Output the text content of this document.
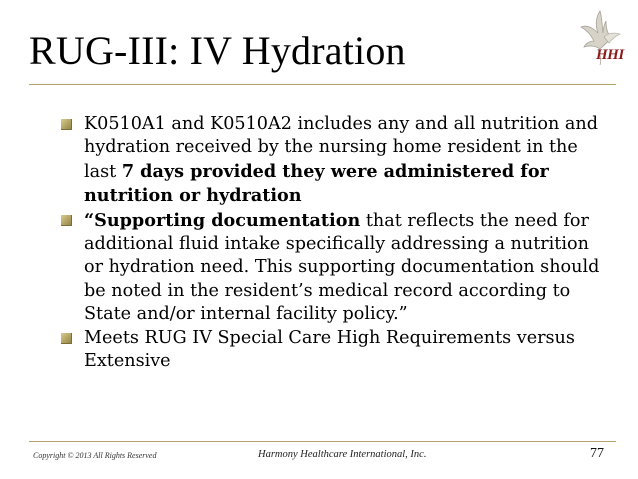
RUG-III: IV Hydration	HHI
K0510A1 and K0510A2 includes any and all nutrition and hydration received by the nursing home resident in the last 7 days provided they were administered for nutrition or hydration
“Supporting documentation that reflects the need for additional fluid intake specifically addressing a nutrition or hydration need. This supporting documentation should be noted in the resident’s medical record according to State and/or internal facility policy.”
Meets RUG IV Special Care High Requirements versus Extensive
Copyright © 2013 All Rights Reserved	Harmony Healthcare International, Inc.	77
